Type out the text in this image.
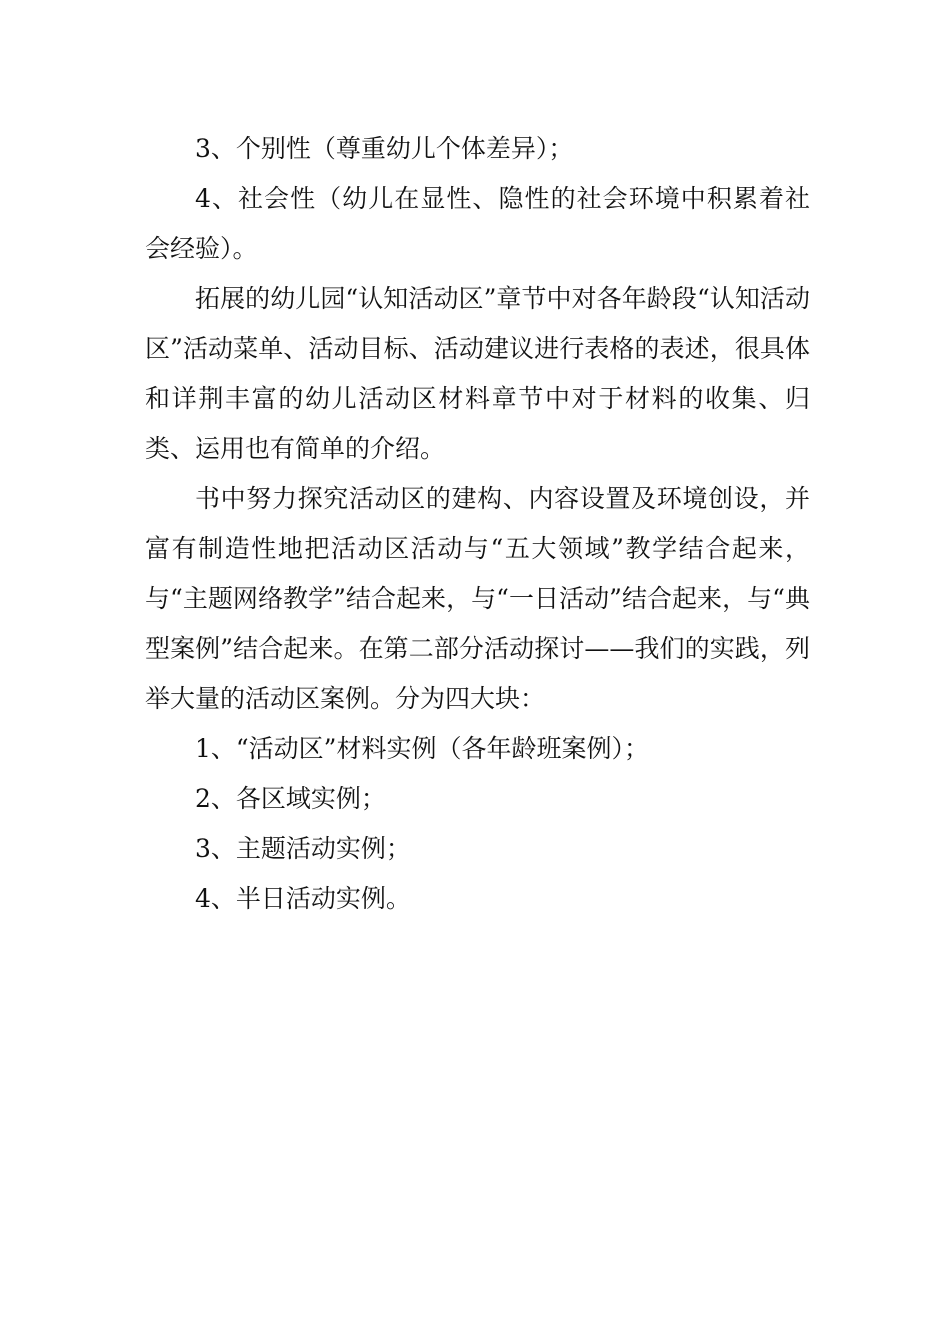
3、个别性（尊重幼儿个体差异）；

4、社会性（幼儿在显性、隐性的社会环境中积累着社会经验）。

拓展的幼儿园“认知活动区”章节中对各年龄段“认知活动区”活动菜单、活动目标、活动建议进行表格的表述，很具体和详荆丰富的幼儿活动区材料章节中对于材料的收集、归类、运用也有简单的介绍。

书中努力探究活动区的建构、内容设置及环境创设，并富有制造性地把活动区活动与“五大领域”教学结合起来，与“主题网络教学”结合起来，与“一日活动”结合起来，与“典型案例”结合起来。在第二部分活动探讨——我们的实践，列举大量的活动区案例。分为四大块：

1、“活动区”材料实例（各年龄班案例）；

2、各区域实例；

3、主题活动实例；

4、半日活动实例。
